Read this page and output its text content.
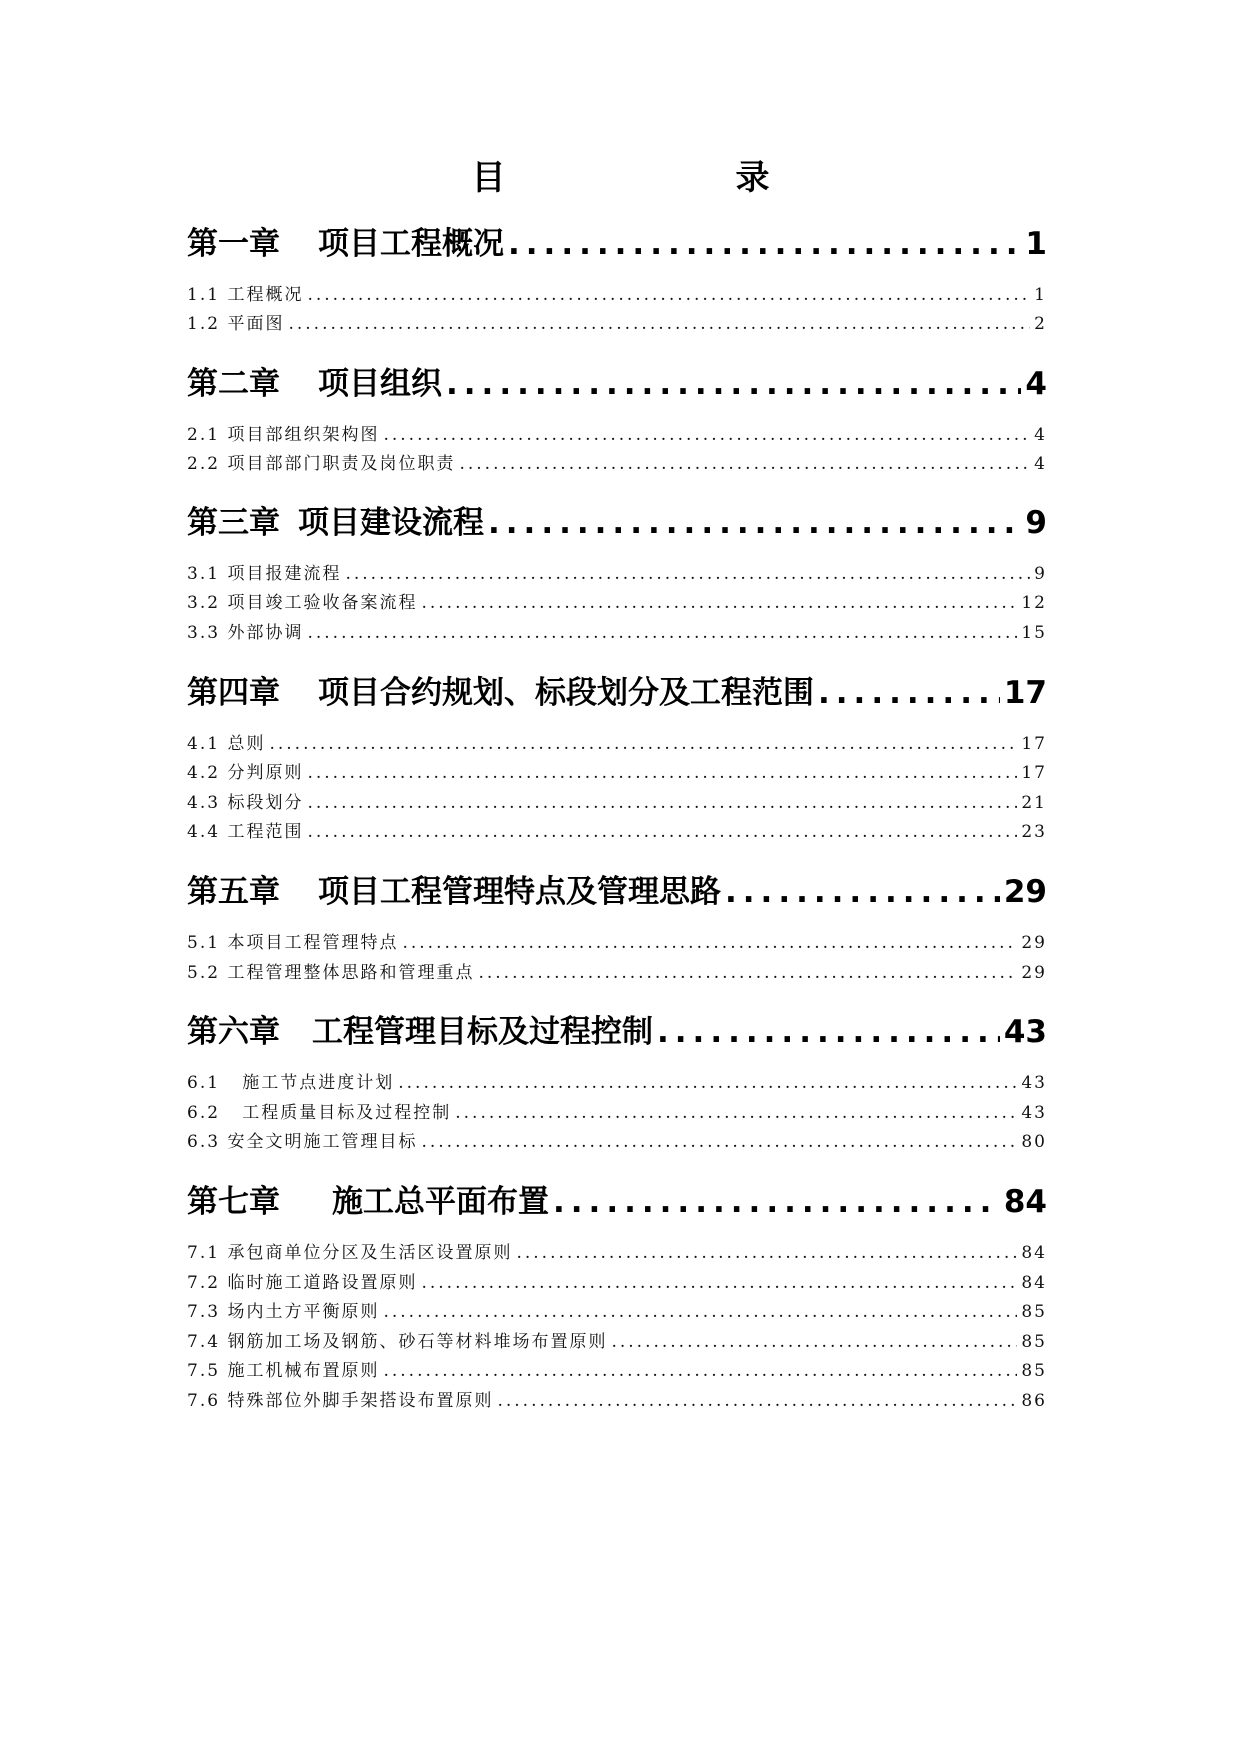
目　　录
第一章 项目工程概况 .....	1
1.1 工程概况 .....	1
1.2 平面图 .....	2
第二章 项目组织 .....	4
2.1 项目部组织架构图 .....	4
2.2 项目部部门职责及岗位职责 .....	4
第三章 项目建设流程 .....	9
3.1 项目报建流程 .....	9
3.2 项目竣工验收备案流程 .....	12
3.3 外部协调 .....	15
第四章 项目合约规划、标段划分及工程范围 .....	17
4.1 总则 .....	17
4.2 分判原则 .....	17
4.3 标段划分 .....	21
4.4 工程范围 .....	23
第五章 项目工程管理特点及管理思路 .....	29
5.1 本项目工程管理特点 .....	29
5.2 工程管理整体思路和管理重点 .....	29
第六章 工程管理目标及过程控制 .....	43
6.1   施工节点进度计划 .....	43
6.2   工程质量目标及过程控制 .....	43
6.3 安全文明施工管理目标 .....	80
第七章 施工总平面布置 .....	84
7.1 承包商单位分区及生活区设置原则 .....	84
7.2 临时施工道路设置原则 .....	84
7.3 场内土方平衡原则 .....	85
7.4 钢筋加工场及钢筋、砂石等材料堆场布置原则 .....	85
7.5 施工机械布置原则 .....	85
7.6 特殊部位外脚手架搭设布置原则 .....	86
